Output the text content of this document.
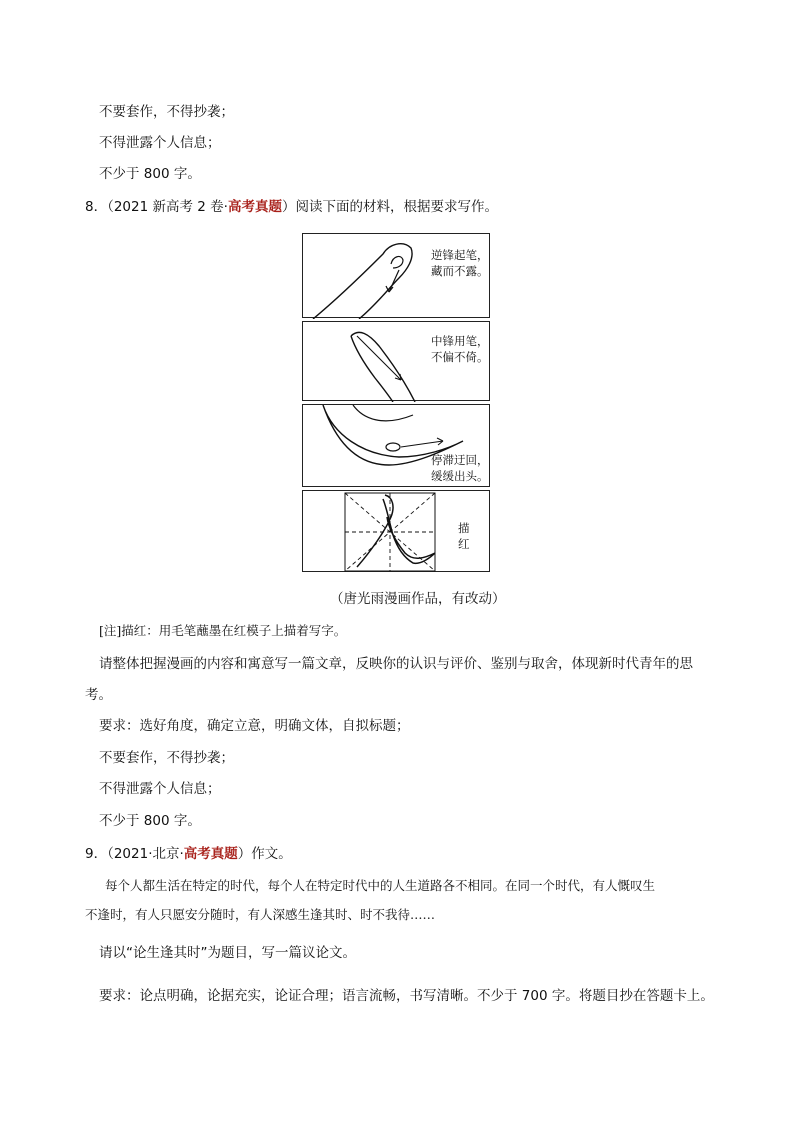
不要套作，不得抄袭；
不得泄露个人信息；
不少于 800 字。
8．（2021 新高考 2 卷·高考真题）阅读下面的材料，根据要求写作。
逆锋起笔，
藏而不露。
中锋用笔，
不偏不倚。
停滞迂回，
缓缓出头。
描
红
（唐光雨漫画作品，有改动）
[注]描红：用毛笔蘸墨在红模子上描着写字。
请整体把握漫画的内容和寓意写一篇文章，反映你的认识与评价、鉴别与取舍，体现新时代青年的思
考。
要求：选好角度，确定立意，明确文体，自拟标题；
不要套作，不得抄袭；
不得泄露个人信息；
不少于 800 字。
9．（2021·北京·高考真题）作文。
每个人都生活在特定的时代，每个人在特定时代中的人生道路各不相同。在同一个时代，有人慨叹生
不逢时，有人只愿安分随时，有人深感生逢其时、时不我待……
请以“论生逢其时”为题目，写一篇议论文。
要求：论点明确，论据充实，论证合理；语言流畅，书写清晰。不少于 700 字。将题目抄在答题卡上。
